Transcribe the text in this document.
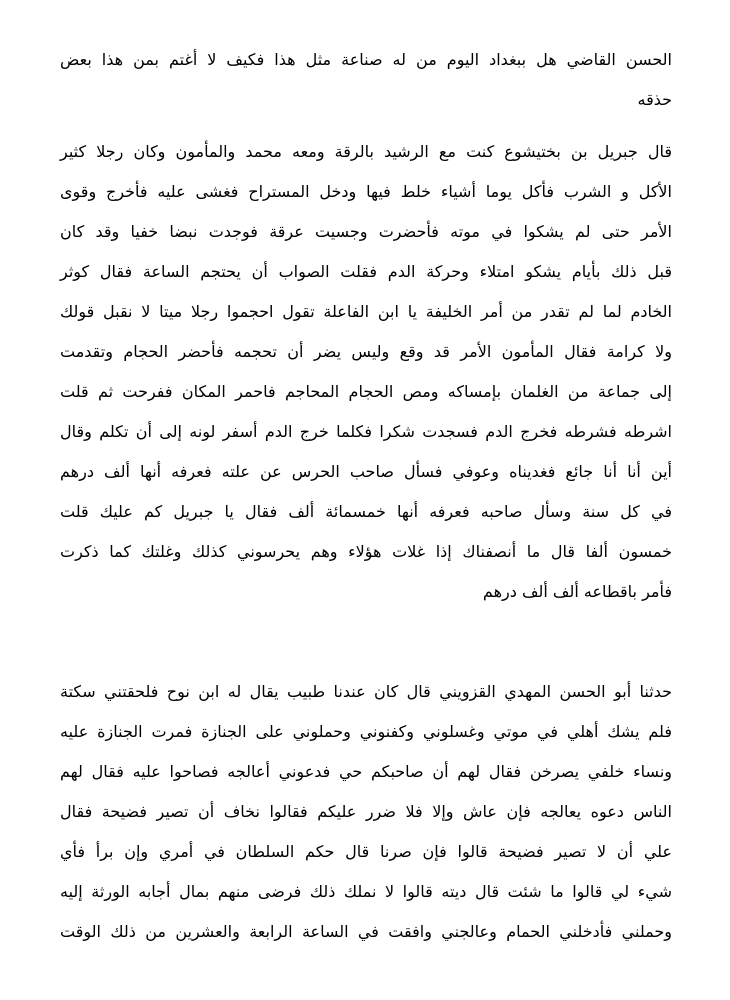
الحسن القاضي هل ببغداد اليوم من له صناعة مثل هذا فكيف لا أغتم بمن هذا بعض
حذقه
قال جبريل بن بختيشوع كنت مع الرشيد بالرقة ومعه محمد والمأمون وكان رجلا كثير
الأكل و الشرب فأكل يوما أشياء خلط فيها ودخل المستراح فغشى عليه فأخرج وقوى
الأمر حتى لم يشكوا في موته فأحضرت وجسيت عرقة فوجدت نبضا خفيا وقد كان
قبل ذلك بأيام يشكو امتلاء وحركة الدم فقلت الصواب أن يحتجم الساعة فقال كوثر
الخادم لما لم تقدر من أمر الخليفة يا ابن الفاعلة تقول احجموا رجلا ميتا لا نقبل قولك
ولا كرامة فقال المأمون الأمر قد وقع وليس يضر أن تحجمه فأحضر الحجام وتقدمت
إلى جماعة من الغلمان بإمساكه ومص الحجام المحاجم فاحمر المكان ففرحت ثم قلت
اشرطه فشرطه فخرج الدم فسجدت شكرا فكلما خرج الدم أسفر لونه إلى أن تكلم وقال
أين أنا أنا جائع فغديناه وعوفي فسأل صاحب الحرس عن علته فعرفه أنها ألف درهم
في كل سنة وسأل صاحبه فعرفه أنها خمسمائة ألف فقال يا جبريل كم عليك قلت
خمسون ألفا قال ما أنصفناك إذا غلات هؤلاء وهم يحرسوني كذلك وغلتك كما ذكرت
فأمر باقطاعه ألف ألف درهم
حدثنا أبو الحسن المهدي القزويني قال كان عندنا طبيب يقال له ابن نوح فلحقتني سكتة
فلم يشك أهلي في موتي وغسلوني وكفنوني وحملوني على الجنازة فمرت الجنازة عليه
ونساء خلفي يصرخن فقال لهم أن صاحبكم حي فدعوني أعالجه فصاحوا عليه فقال لهم
الناس دعوه يعالجه فإن عاش وإلا فلا ضرر عليكم فقالوا نخاف أن تصير فضيحة فقال
علي أن لا تصير فضيحة قالوا فإن صرنا قال حكم السلطان في أمري وإن برأ فأي
شيء لي قالوا ما شئت قال ديته قالوا لا نملك ذلك فرضى منهم بمال أجابه الورثة إليه
وحملني فأدخلني الحمام وعالجني وافقت في الساعة الرابعة والعشرين من ذلك الوقت
